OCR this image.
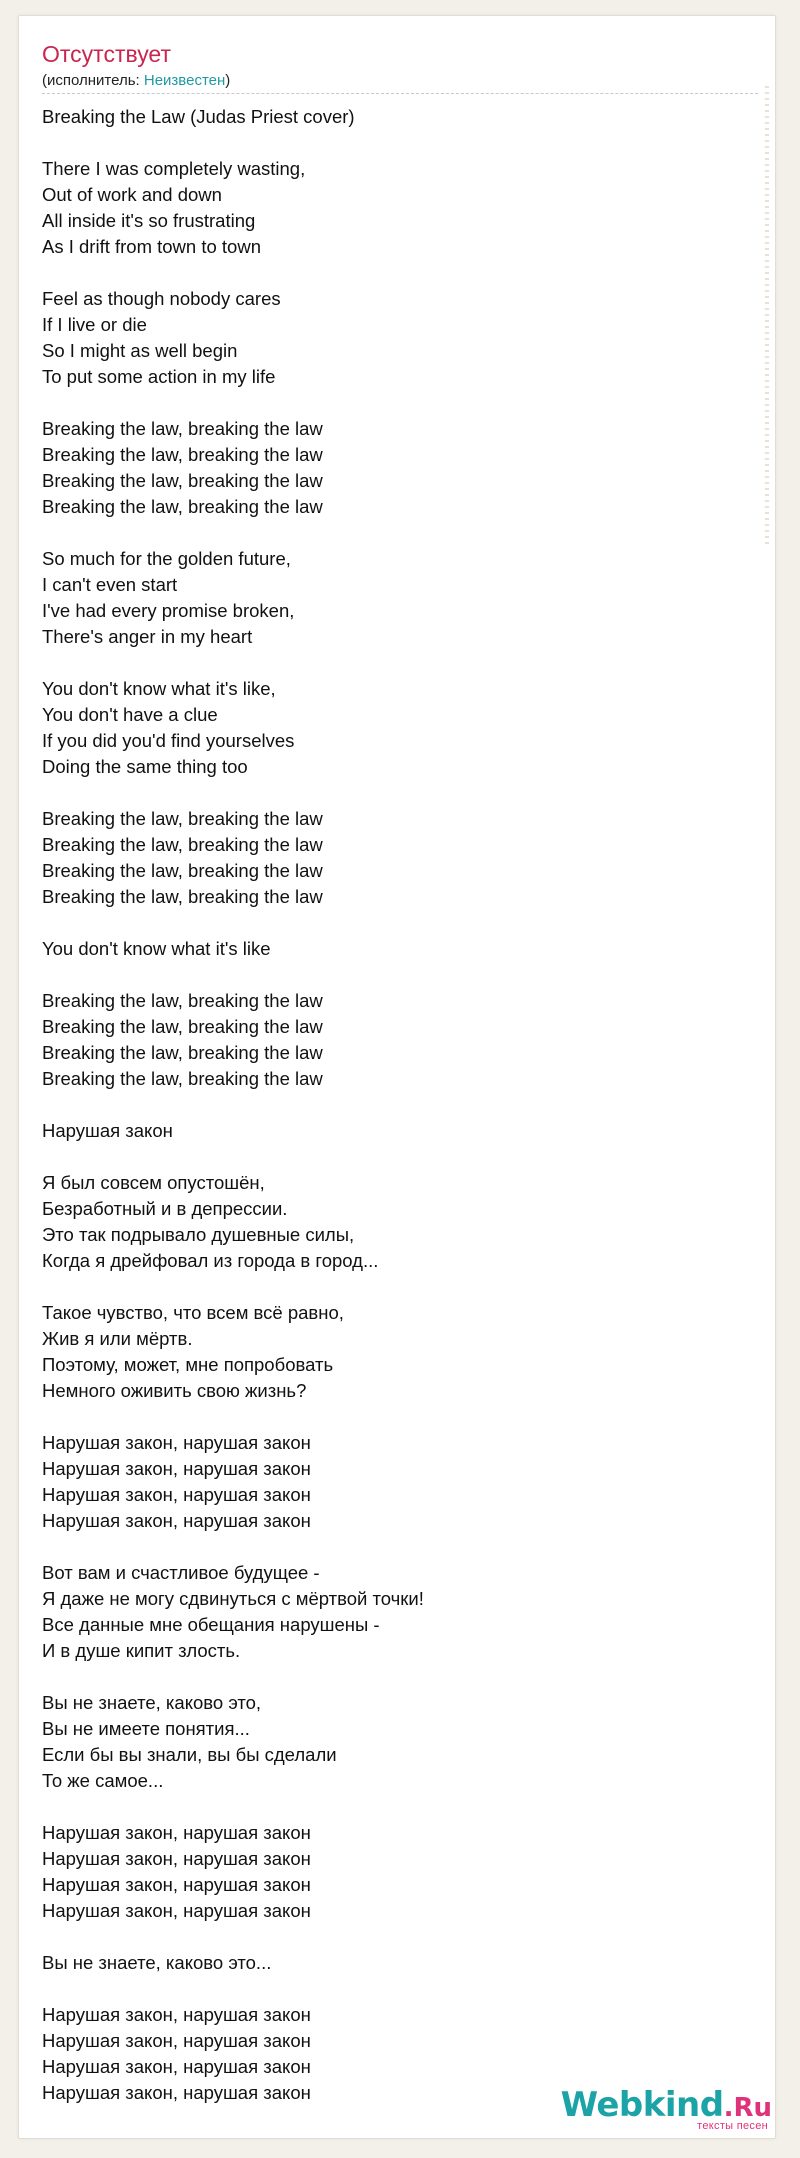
Отсутствует
(исполнитель: Неизвестен)
Breaking the Law (Judas Priest cover)

There I was completely wasting,
Out of work and down
All inside it's so frustrating
As I drift from town to town

Feel as though nobody cares
If I live or die
So I might as well begin
To put some action in my life

Breaking the law, breaking the law
Breaking the law, breaking the law
Breaking the law, breaking the law
Breaking the law, breaking the law

So much for the golden future,
I can't even start
I've had every promise broken,
There's anger in my heart

You don't know what it's like,
You don't have a clue
If you did you'd find yourselves
Doing the same thing too

Breaking the law, breaking the law
Breaking the law, breaking the law
Breaking the law, breaking the law
Breaking the law, breaking the law

You don't know what it's like

Breaking the law, breaking the law
Breaking the law, breaking the law
Breaking the law, breaking the law
Breaking the law, breaking the law

Нарушая закон

Я был совсем опустошён,
Безработный и в депрессии.
Это так подрывало душевные силы,
Когда я дрейфовал из города в город...

Такое чувство, что всем всё равно,
Жив я или мёртв.
Поэтому, может, мне попробовать
Немного оживить свою жизнь?

Нарушая закон, нарушая закон
Нарушая закон, нарушая закон
Нарушая закон, нарушая закон
Нарушая закон, нарушая закон

Вот вам и счастливое будущее -
Я даже не могу сдвинуться с мёртвой точки!
Все данные мне обещания нарушены -
И в душе кипит злость.

Вы не знаете, каково это,
Вы не имеете понятия...
Если бы вы знали, вы бы сделали
То же самое...

Нарушая закон, нарушая закон
Нарушая закон, нарушая закон
Нарушая закон, нарушая закон
Нарушая закон, нарушая закон

Вы не знаете, каково это...

Нарушая закон, нарушая закон
Нарушая закон, нарушая закон
Нарушая закон, нарушая закон
Нарушая закон, нарушая закон	Webkind.Ru
тексты песен
